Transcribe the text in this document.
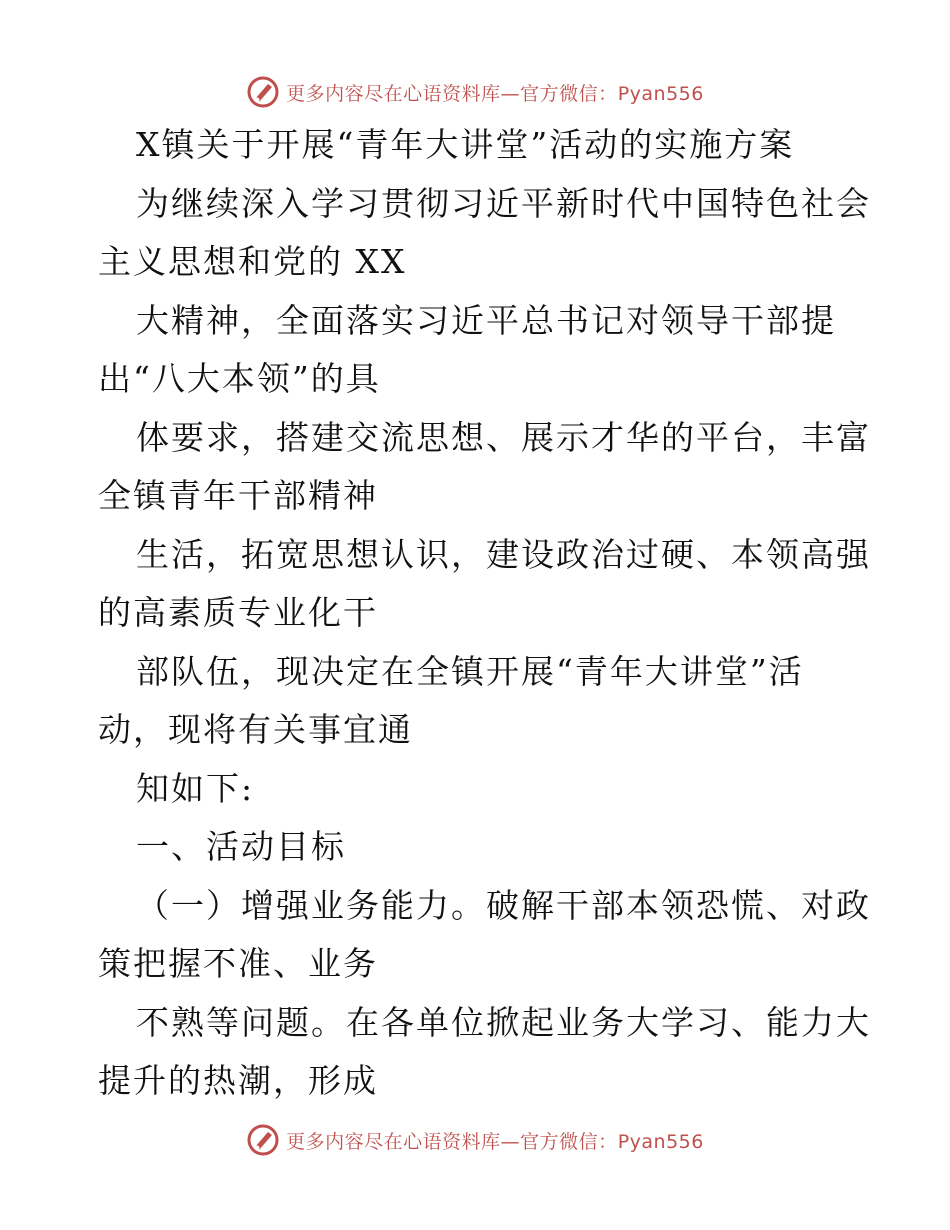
更多内容尽在心语资料库—官方微信：Pyan556
X镇关于开展“青年大讲堂”活动的实施方案
为继续深入学习贯彻习近平新时代中国特色社会
主义思想和党的 XX
大精神，全面落实习近平总书记对领导干部提
出“八大本领”的具
体要求，搭建交流思想、展示才华的平台，丰富
全镇青年干部精神
生活，拓宽思想认识，建设政治过硬、本领高强
的高素质专业化干
部队伍，现决定在全镇开展“青年大讲堂”活
动，现将有关事宜通
知如下:
一、活动目标
（一）增强业务能力。破解干部本领恐慌、对政
策把握不准、业务
不熟等问题。在各单位掀起业务大学习、能力大
提升的热潮，形成
更多内容尽在心语资料库—官方微信：Pyan556
